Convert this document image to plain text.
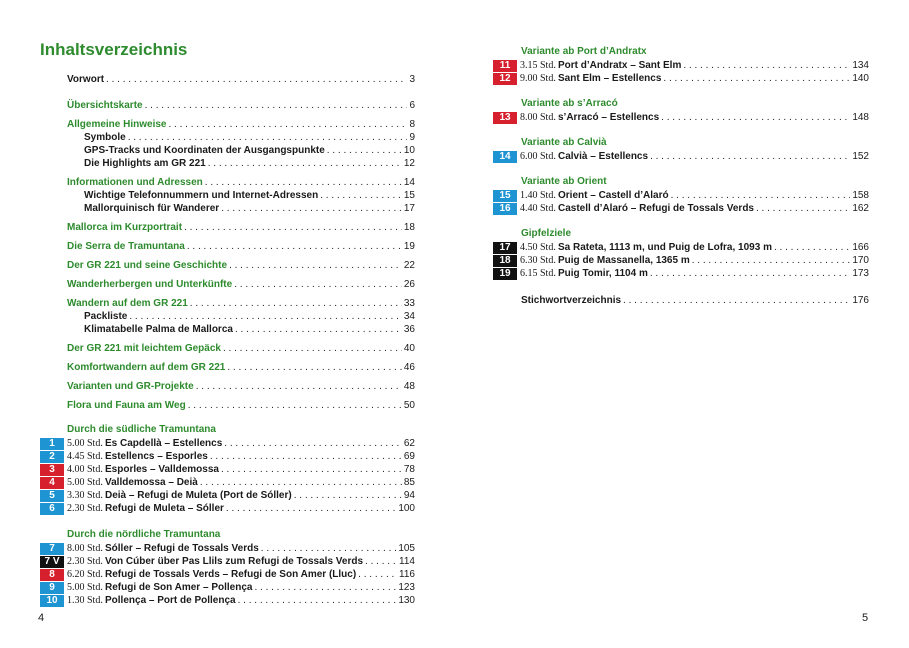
Inhaltsverzeichnis
Vorwort . . .	3
Übersichtskarte . . .	6
Allgemeine Hinweise . . .	8
Symbole . . .	9
GPS-Tracks und Koordinaten der Ausgangspunkte . . .	10
Die Highlights am GR 221 . . .	12
Informationen und Adressen . . .	14
Wichtige Telefonnummern und Internet-Adressen . . .	15
Mallorquinisch für Wanderer . . .	17
Mallorca im Kurzportrait . . .	18
Die Serra de Tramuntana . . .	19
Der GR 221 und seine Geschichte . . .	22
Wanderherbergen und Unterkünfte . . .	26
Wandern auf dem GR 221 . . .	33
Packliste . . .	34
Klimatabelle Palma de Mallorca . . .	36
Der GR 221 mit leichtem Gepäck . . .	40
Komfortwandern auf dem GR 221 . . .	46
Varianten und GR-Projekte . . .	48
Flora und Fauna am Weg . . .	50
Durch die südliche Tramuntana
1	5.00 Std. Es Capdellà – Estellencs . . .	62
2	4.45 Std. Estellencs – Esporles . . .	69
3	4.00 Std. Esporles – Valldemossa . . .	78
4	5.00 Std. Valldemossa – Deià . . .	85
5	3.30 Std. Deià – Refugi de Muleta (Port de Sóller) . . .	94
6	2.30 Std. Refugi de Muleta – Sóller . . .	100
Durch die nördliche Tramuntana
7	8.00 Std. Sóller – Refugi de Tossals Verds . . .	105
7 V 2.30 Std. Von Cúber über Pas Llils zum Refugi de Tossals Verds . . .	114
8	6.20 Std. Refugi de Tossals Verds – Refugi de Son Amer (Lluc) . . .	116
9	5.00 Std. Refugi de Son Amer – Pollença . . .	123
10 1.30 Std. Pollença – Port de Pollença . . .	130
4
Variante ab Port d’Andratx
11 3.15 Std. Port d’Andratx – Sant Elm . . .	134
12 9.00 Std. Sant Elm – Estellencs . . .	140
Variante ab s’Arracó
13 8.00 Std. s’Arracó – Estellencs . . .	148
Variante ab Calvià
14 6.00 Std. Calvià – Estellencs . . .	152
Variante ab Orient
15 1.40 Std. Orient – Castell d’Alaró . . .	158
16 4.40 Std. Castell d’Alaró – Refugi de Tossals Verds . . .	162
Gipfelziele
17 4.50 Std. Sa Rateta, 1113 m, und Puig de Lofra, 1093 m . . .	166
18 6.30 Std. Puig de Massanella, 1365 m . . .	170
19 6.15 Std. Puig Tomir, 1104 m . . .	173
Stichwortverzeichnis . . .	176
5
